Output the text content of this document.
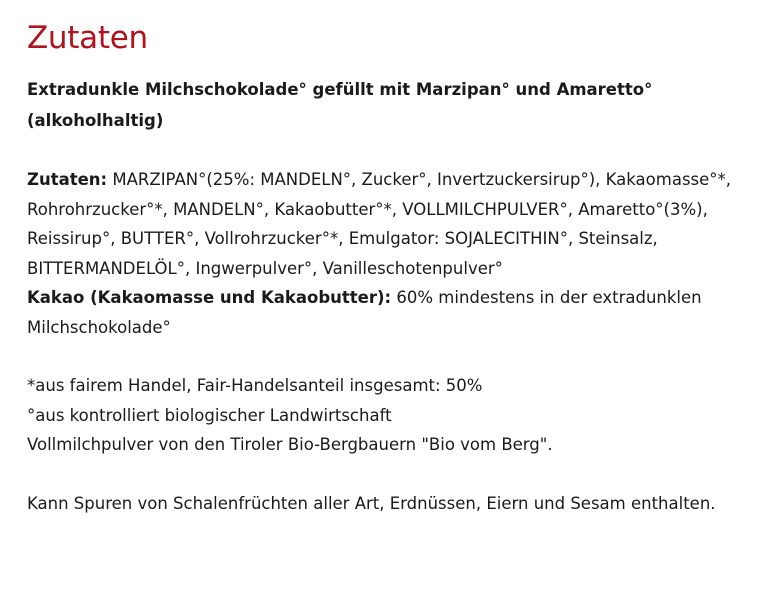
Zutaten

Extradunkle Milchschokolade° gefüllt mit Marzipan° und Amaretto° (alkoholhaltig)

Zutaten: MARZIPAN°(25%: MANDELN°, Zucker°, Invertzuckersirup°), Kakaomasse°*, Rohrohrzucker°*, MANDELN°, Kakaobutter°*, VOLLMILCHPULVER°, Amaretto°(3%), Reissirup°, BUTTER°, Vollrohrzucker°*, Emulgator: SOJALECITHIN°, Steinsalz, BITTERMANDELÖL°, Ingwerpulver°, Vanilleschotenpulver°

Kakao (Kakaomasse und Kakaobutter): 60% mindestens in der extradunklen Milchschokolade°

*aus fairem Handel, Fair-Handelsanteil insgesamt: 50%
°aus kontrolliert biologischer Landwirtschaft
Vollmilchpulver von den Tiroler Bio-Bergbauern "Bio vom Berg".

Kann Spuren von Schalenfrüchten aller Art, Erdnüssen, Eiern und Sesam enthalten.
